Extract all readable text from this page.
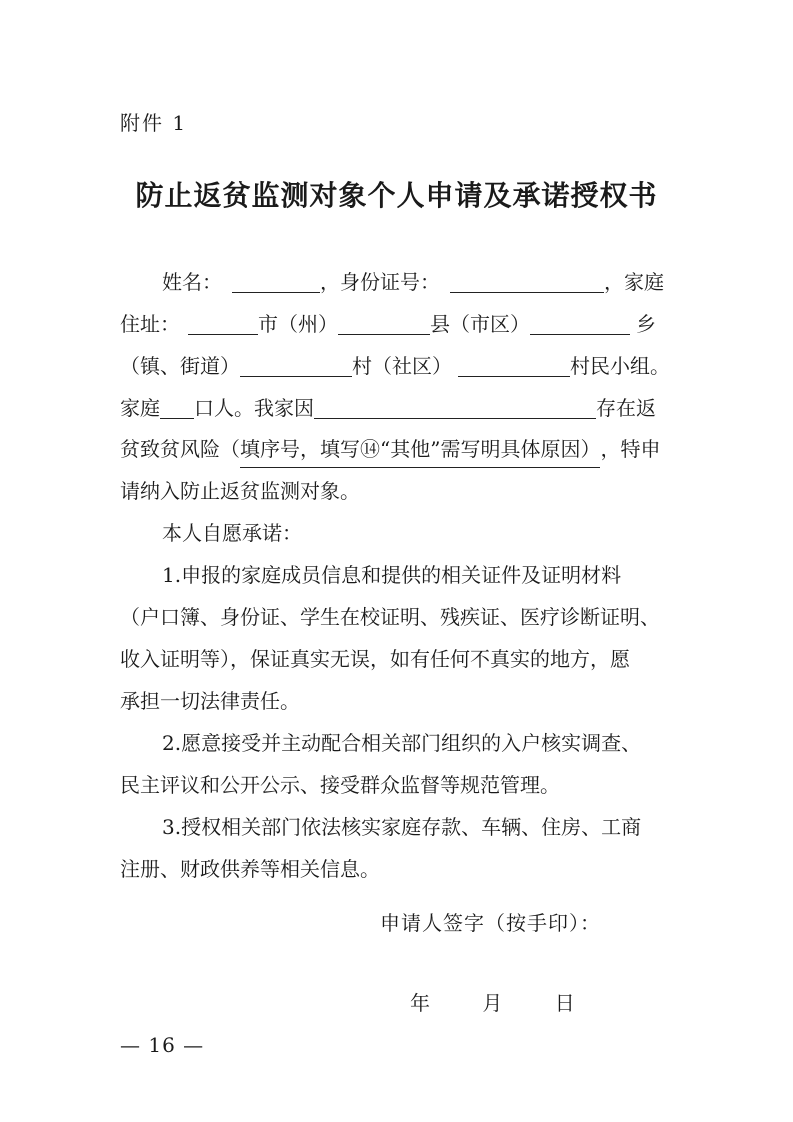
附件 1
防止返贫监测对象个人申请及承诺授权书
姓名：	，身份证号：	，家庭
住址：	市（州）	县（市区）	乡
（镇、街道）	村（社区）	村民小组。
家庭 口人。我家因	存在返
贫致贫风险（ 填序号，填写⑭“其他”需写明具体原因） ，特申
请纳入防止返贫监测对象。
本人自愿承诺：
1.申报的家庭成员信息和提供的相关证件及证明材料
（户口簿、身份证、学生在校证明、残疾证、医疗诊断证明、
收入证明等），保证真实无误，如有任何不真实的地方，愿
承担一切法律责任。
2.愿意接受并主动配合相关部门组织的入户核实调查、
民主评议和公开公示、接受群众监督等规范管理。
3.授权相关部门依法核实家庭存款、车辆、住房、工商
注册、财政供养等相关信息。
申请人签字（按手印）：
年	月	日
— 16 —
